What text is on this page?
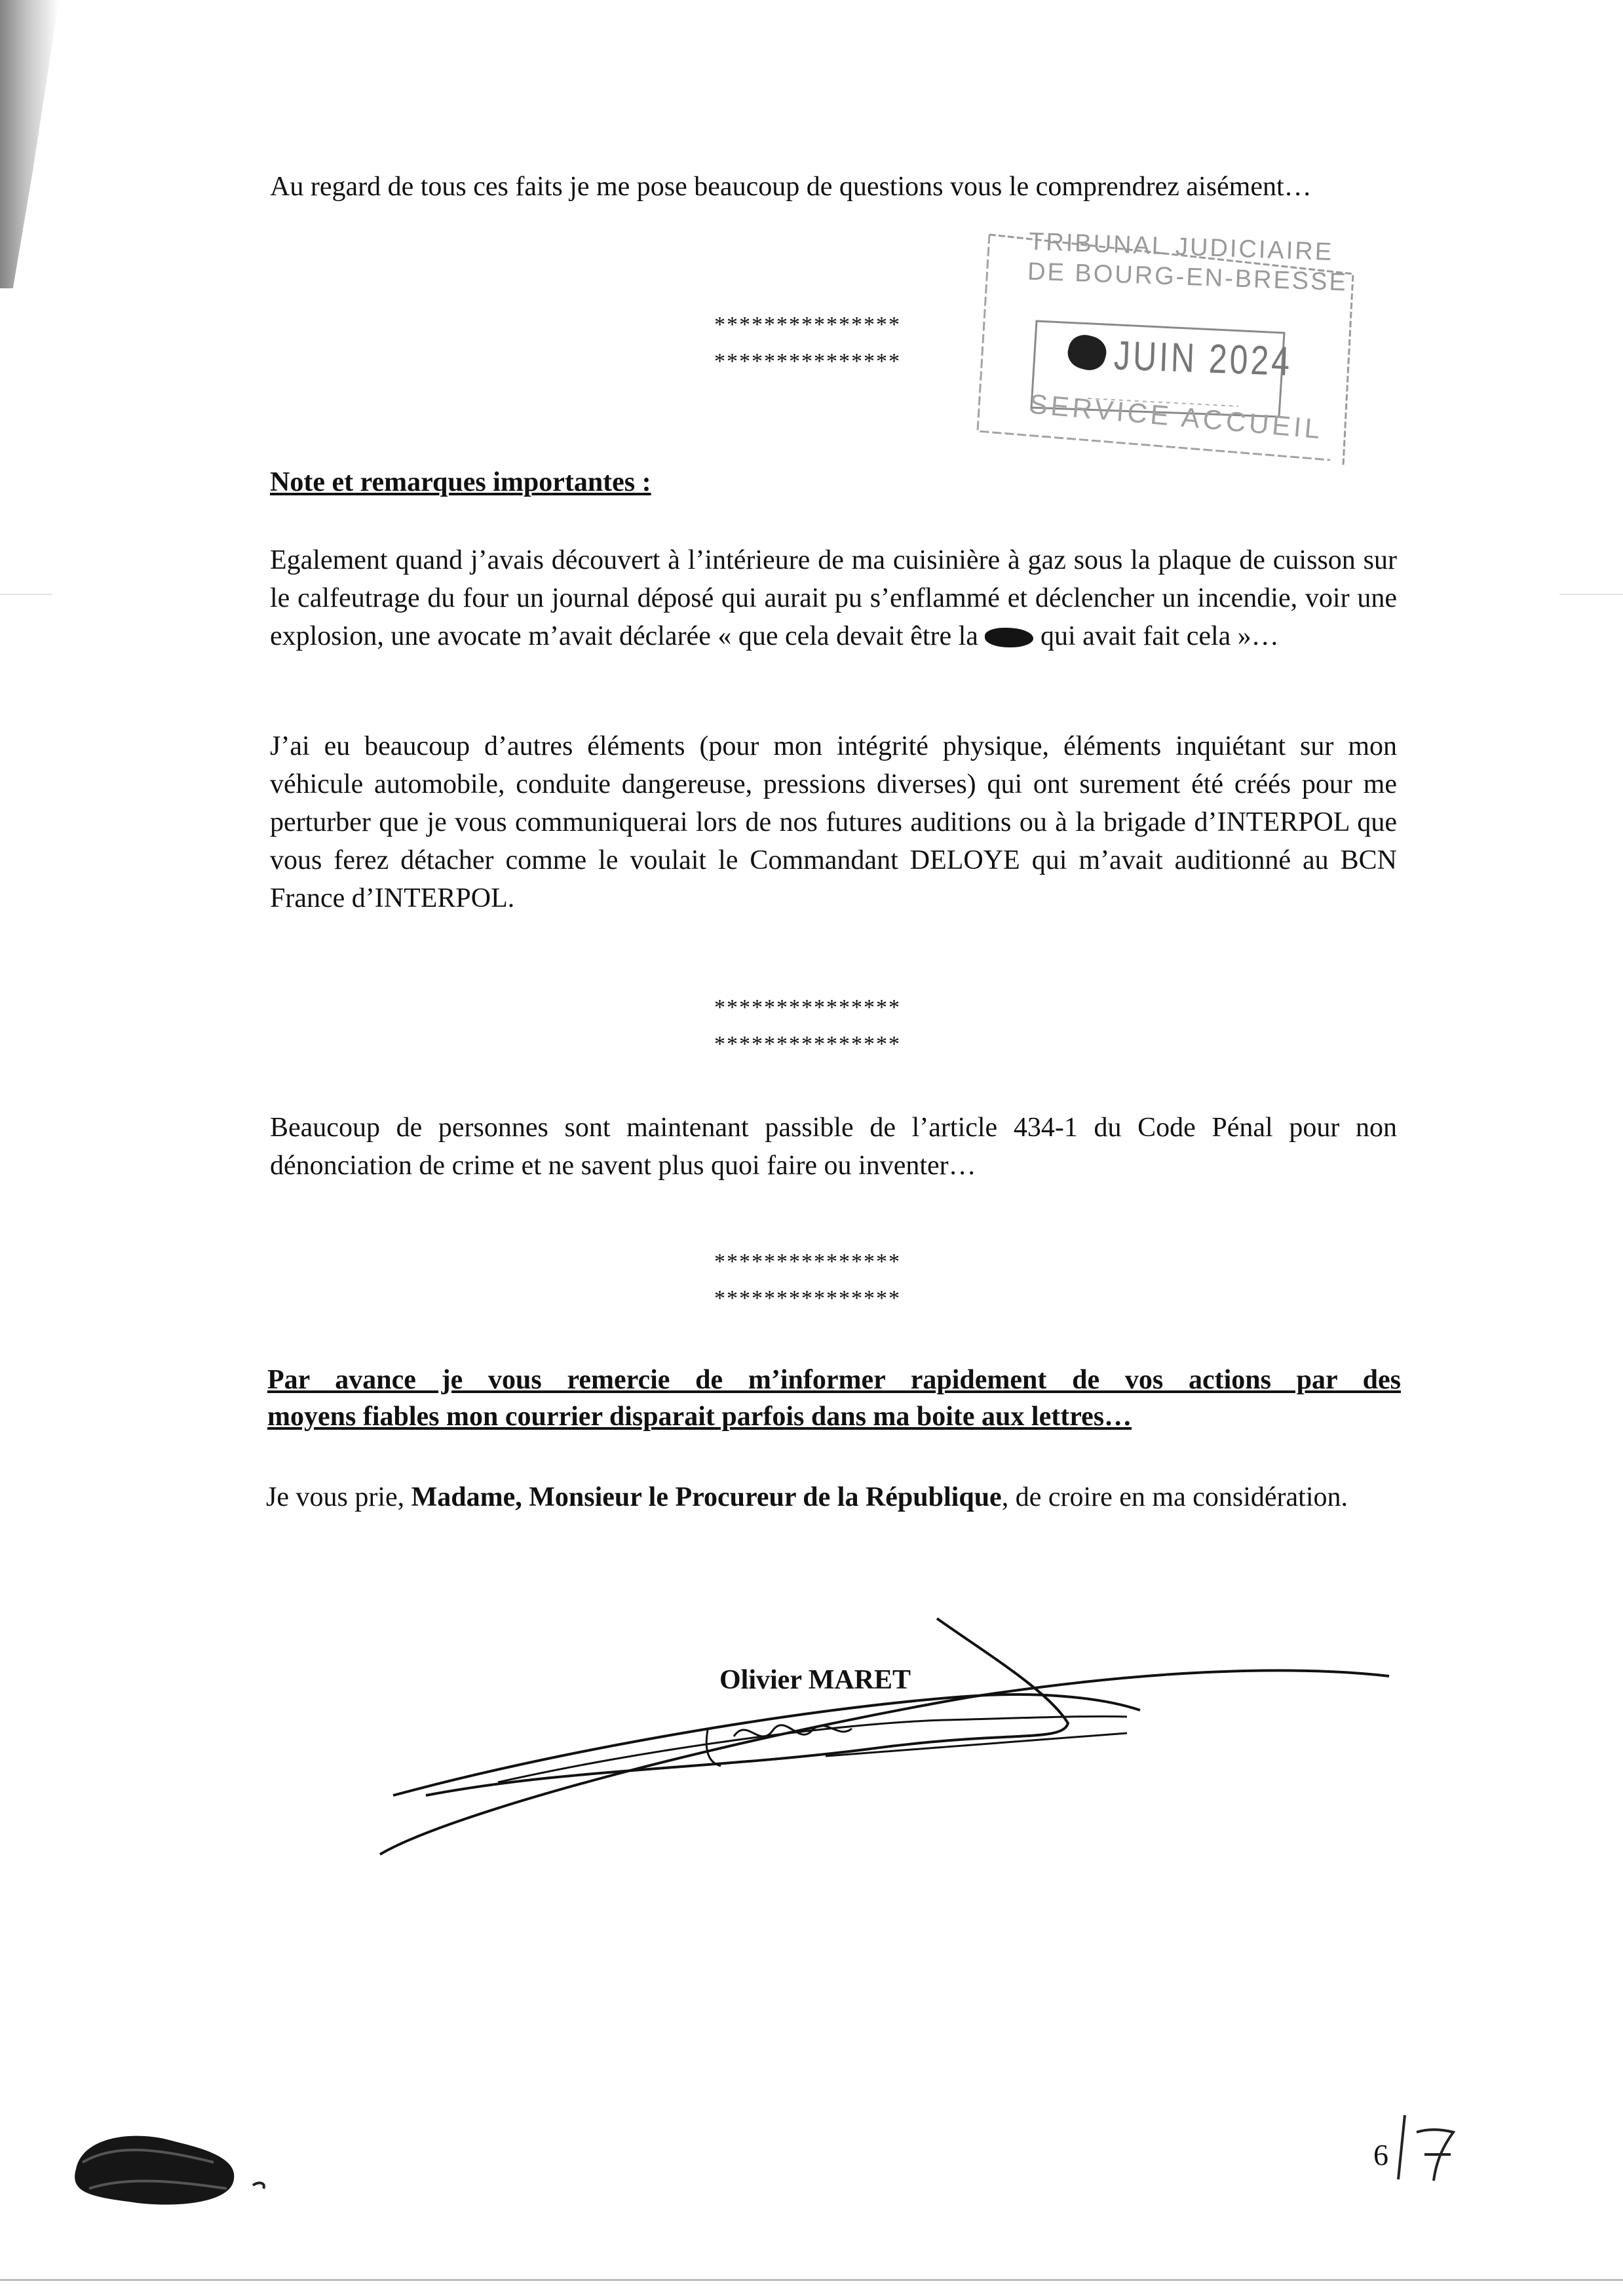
Au regard de tous ces faits je me pose beaucoup de questions vous le comprendrez aisément…
***************
***************
TRIBUNAL JUDICIAIRE
DE BOURG-EN-BRESSE
JUIN 2024
SERVICE ACCUEIL
Note et remarques importantes :
Egalement quand j’avais découvert à l’intérieure de ma cuisinière à gaz sous la plaque de cuisson sur le calfeutrage du four un journal déposé qui aurait pu s’enflammé et déclencher un incendie, voir une explosion, une avocate m’avait déclarée « que cela devait être la  qui avait fait cela »…
J’ai eu beaucoup d’autres éléments (pour mon intégrité physique, éléments inquiétant sur mon véhicule automobile, conduite dangereuse, pressions diverses) qui ont surement été créés pour me perturber que je vous communiquerai lors de nos futures auditions ou à la brigade d’INTERPOL que vous ferez détacher comme le voulait le Commandant DELOYE qui m’avait auditionné au BCN France d’INTERPOL.
***************
***************
Beaucoup de personnes sont maintenant passible de l’article 434-1 du Code Pénal pour non dénonciation de crime et ne savent plus quoi faire ou inventer…
***************
***************
Par avance je vous remercie de m’informer rapidement de vos actions par des
moyens fiables mon courrier disparait parfois dans ma boite aux lettres…
Je vous prie, Madame, Monsieur le Procureur de la République, de croire en ma considération.
Olivier MARET
6
7
